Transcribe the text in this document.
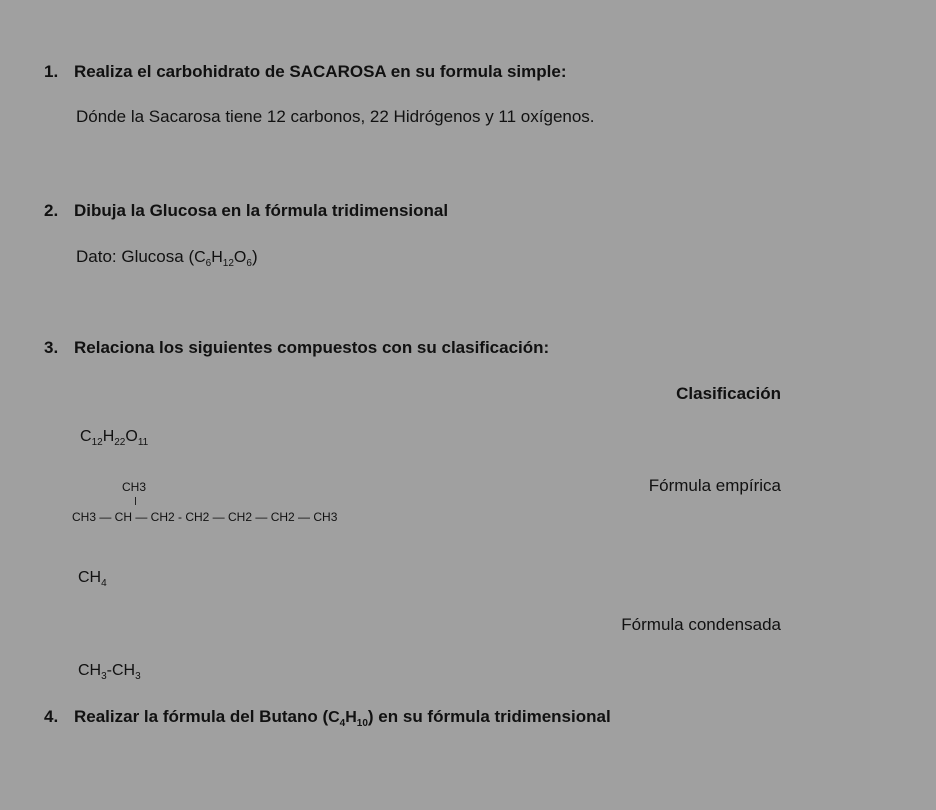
1. Realiza el carbohidrato de SACAROSA en su formula simple:
Dónde la Sacarosa tiene 12 carbonos, 22 Hidrógenos y 11 oxígenos.
2. Dibuja la Glucosa en la fórmula tridimensional
Dato: Glucosa $(C_6H_{12}O_6)$
3. Relaciona los siguientes compuestos con su clasificación:
Clasificación
$C_{12}H_{22}O_{11}$
CH3
CH3 — CH — CH2 - CH2 — CH2 — CH2 — CH3
$CH_4$
$CH_3-CH_3$
Fórmula empírica
Fórmula condensada
4. Realizar la fórmula del Butano $(C_4H_{10})$ en su fórmula tridimensional
